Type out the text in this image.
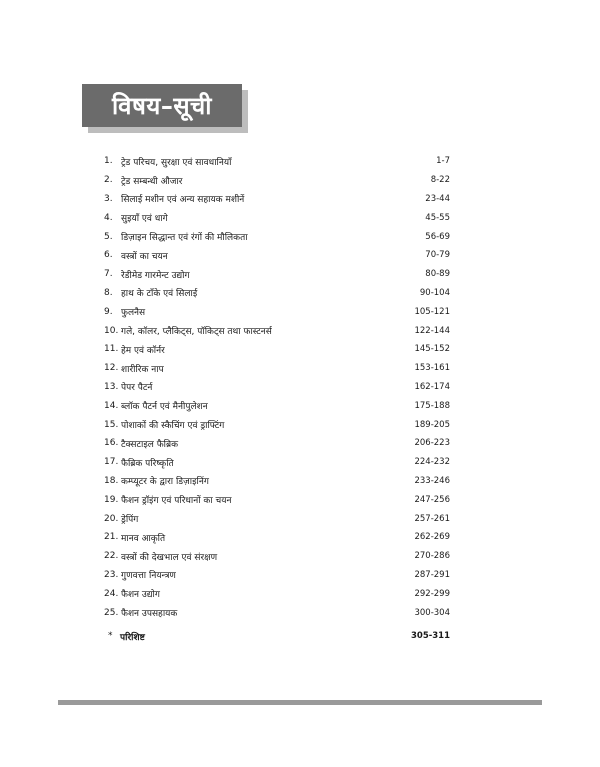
विषय–सूची
1. ट्रेड परिचय, सुरक्षा एवं सावधानियाँ	1-7
2. ट्रेड सम्बन्धी औजार	8-22
3. सिलाई मशीन एवं अन्य सहायक मशीनें	23-44
4. सुइयाँ एवं धागे	45-55
5. डिज़ाइन सिद्धान्त एवं रंगों की मौलिकता	56-69
6. वस्त्रों का चयन	70-79
7. रेडीमेड गारमेन्ट उद्योग	80-89
8. हाथ के टाँके एवं सिलाई	90-104
9. फुलनैस	105-121
10. गले, कॉलर, प्लैकिट्स, पॉकिट्स तथा फास्टनर्स	122-144
11. हेम एवं कॉर्नर	145-152
12. शारीरिक नाप	153-161
13. पेपर पैटर्न	162-174
14. ब्लॉक पैटर्न एवं मैनीपुलेशन	175-188
15. पोशाकों की स्कैचिंग एवं ड्राफ्टिंग	189-205
16. टैक्सटाइल फैब्रिक	206-223
17. फैब्रिक परिष्कृति	224-232
18. कम्प्यूटर के द्वारा डिज़ाइनिंग	233-246
19. फैशन ड्रॉइंग एवं परिधानों का चयन	247-256
20. ड्रेपिंग	257-261
21. मानव आकृति	262-269
22. वस्त्रों की देखभाल एवं संरक्षण	270-286
23. गुणवत्ता नियन्त्रण	287-291
24. फैशन उद्योग	292-299
25. फैशन उपसहायक	300-304
* परिशिष्ट	305-311
